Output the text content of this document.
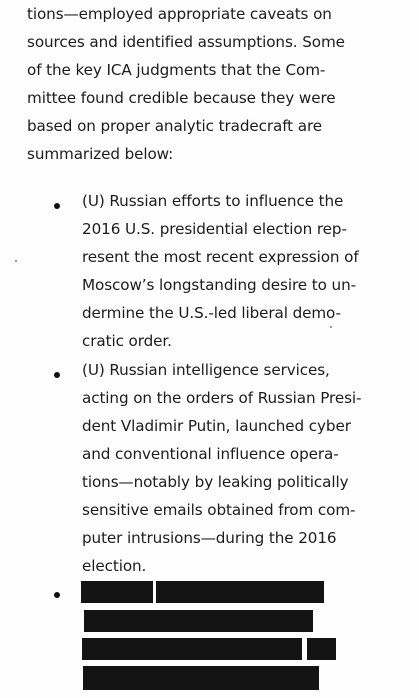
tions—employed appropriate caveats on
sources and identified assumptions. Some
of the key ICA judgments that the Com-
mittee found credible because they were
based on proper analytic tradecraft are
summarized below:
(U) Russian efforts to influence the
2016 U.S. presidential election rep-
resent the most recent expression of
Moscow’s longstanding desire to un-
dermine the U.S.-led liberal demo-
cratic order.
(U) Russian intelligence services,
acting on the orders of Russian Presi-
dent Vladimir Putin, launched cyber
and conventional influence opera-
tions—notably by leaking politically
sensitive emails obtained from com-
puter intrusions—during the 2016
election.
